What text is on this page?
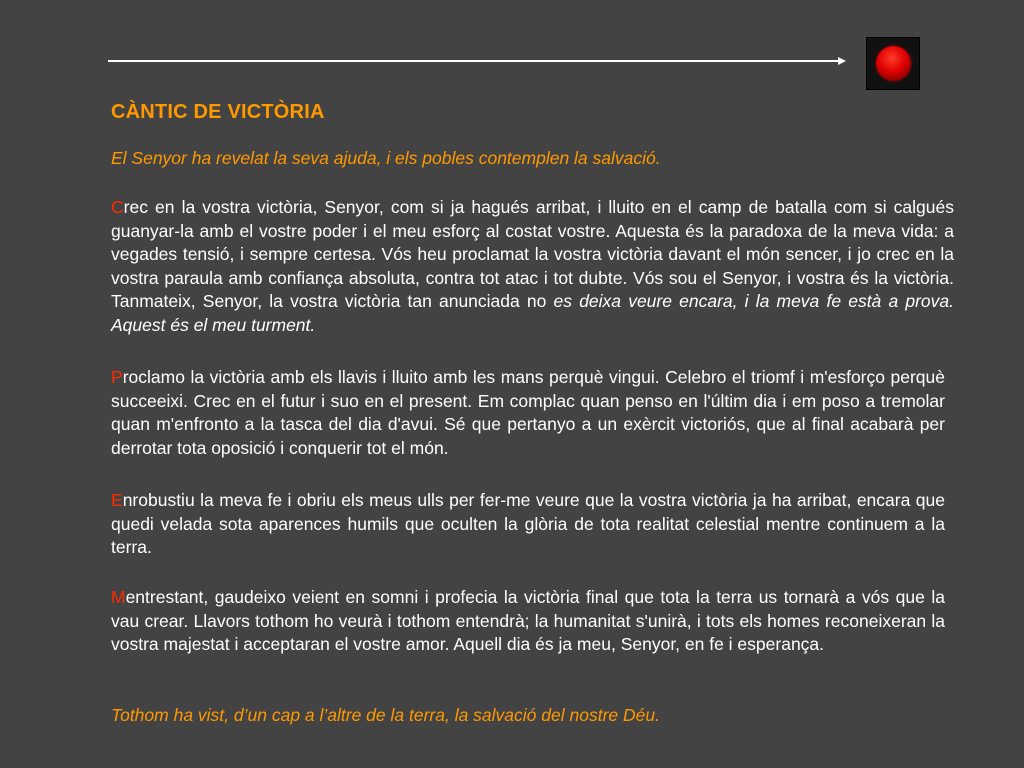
CÀNTIC DE VICTÒRIA

El Senyor ha revelat la seva ajuda, i els pobles contemplen la salvació.

Crec en la vostra victòria, Senyor, com si ja hagués arribat, i lluito en el camp de batalla com si calgués guanyar-la amb el vostre poder i el meu esforç al costat vostre. Aquesta és la paradoxa de la meva vida: a vegades tensió, i sempre certesa. Vós heu proclamat la vostra victòria davant el món sencer, i jo crec en la vostra paraula amb confiança absoluta, contra tot atac i tot dubte. Vós sou el Senyor, i vostra és la victòria. Tanmateix, Senyor, la vostra victòria tan anunciada no es deixa veure encara, i la meva fe està a prova. Aquest és el meu turment.

Proclamo la victòria amb els llavis i lluito amb les mans perquè vingui. Celebro el triomf i m'esforço perquè succeeixi. Crec en el futur i suo en el present. Em complac quan penso en l'últim dia i em poso a tremolar quan m'enfronto a la tasca del dia d'avui. Sé que pertanyo a un exèrcit victoriós, que al final acabarà per derrotar tota oposició i conquerir tot el món.

Enrobustiu la meva fe i obriu els meus ulls per fer-me veure que la vostra victòria ja ha arribat, encara que quedi velada sota aparences humils que oculten la glòria de tota realitat celestial mentre continuem a la terra.

Mentrestant, gaudeixo veient en somni i profecia la victòria final que tota la terra us tornarà a vós que la vau crear. Llavors tothom ho veurà i tothom entendrà; la humanitat s'unirà, i tots els homes reconeixeran la vostra majestat i acceptaran el vostre amor. Aquell dia és ja meu, Senyor, en fe i esperança.

Tothom ha vist, d’un cap a l’altre de la terra, la salvació del nostre Déu.
